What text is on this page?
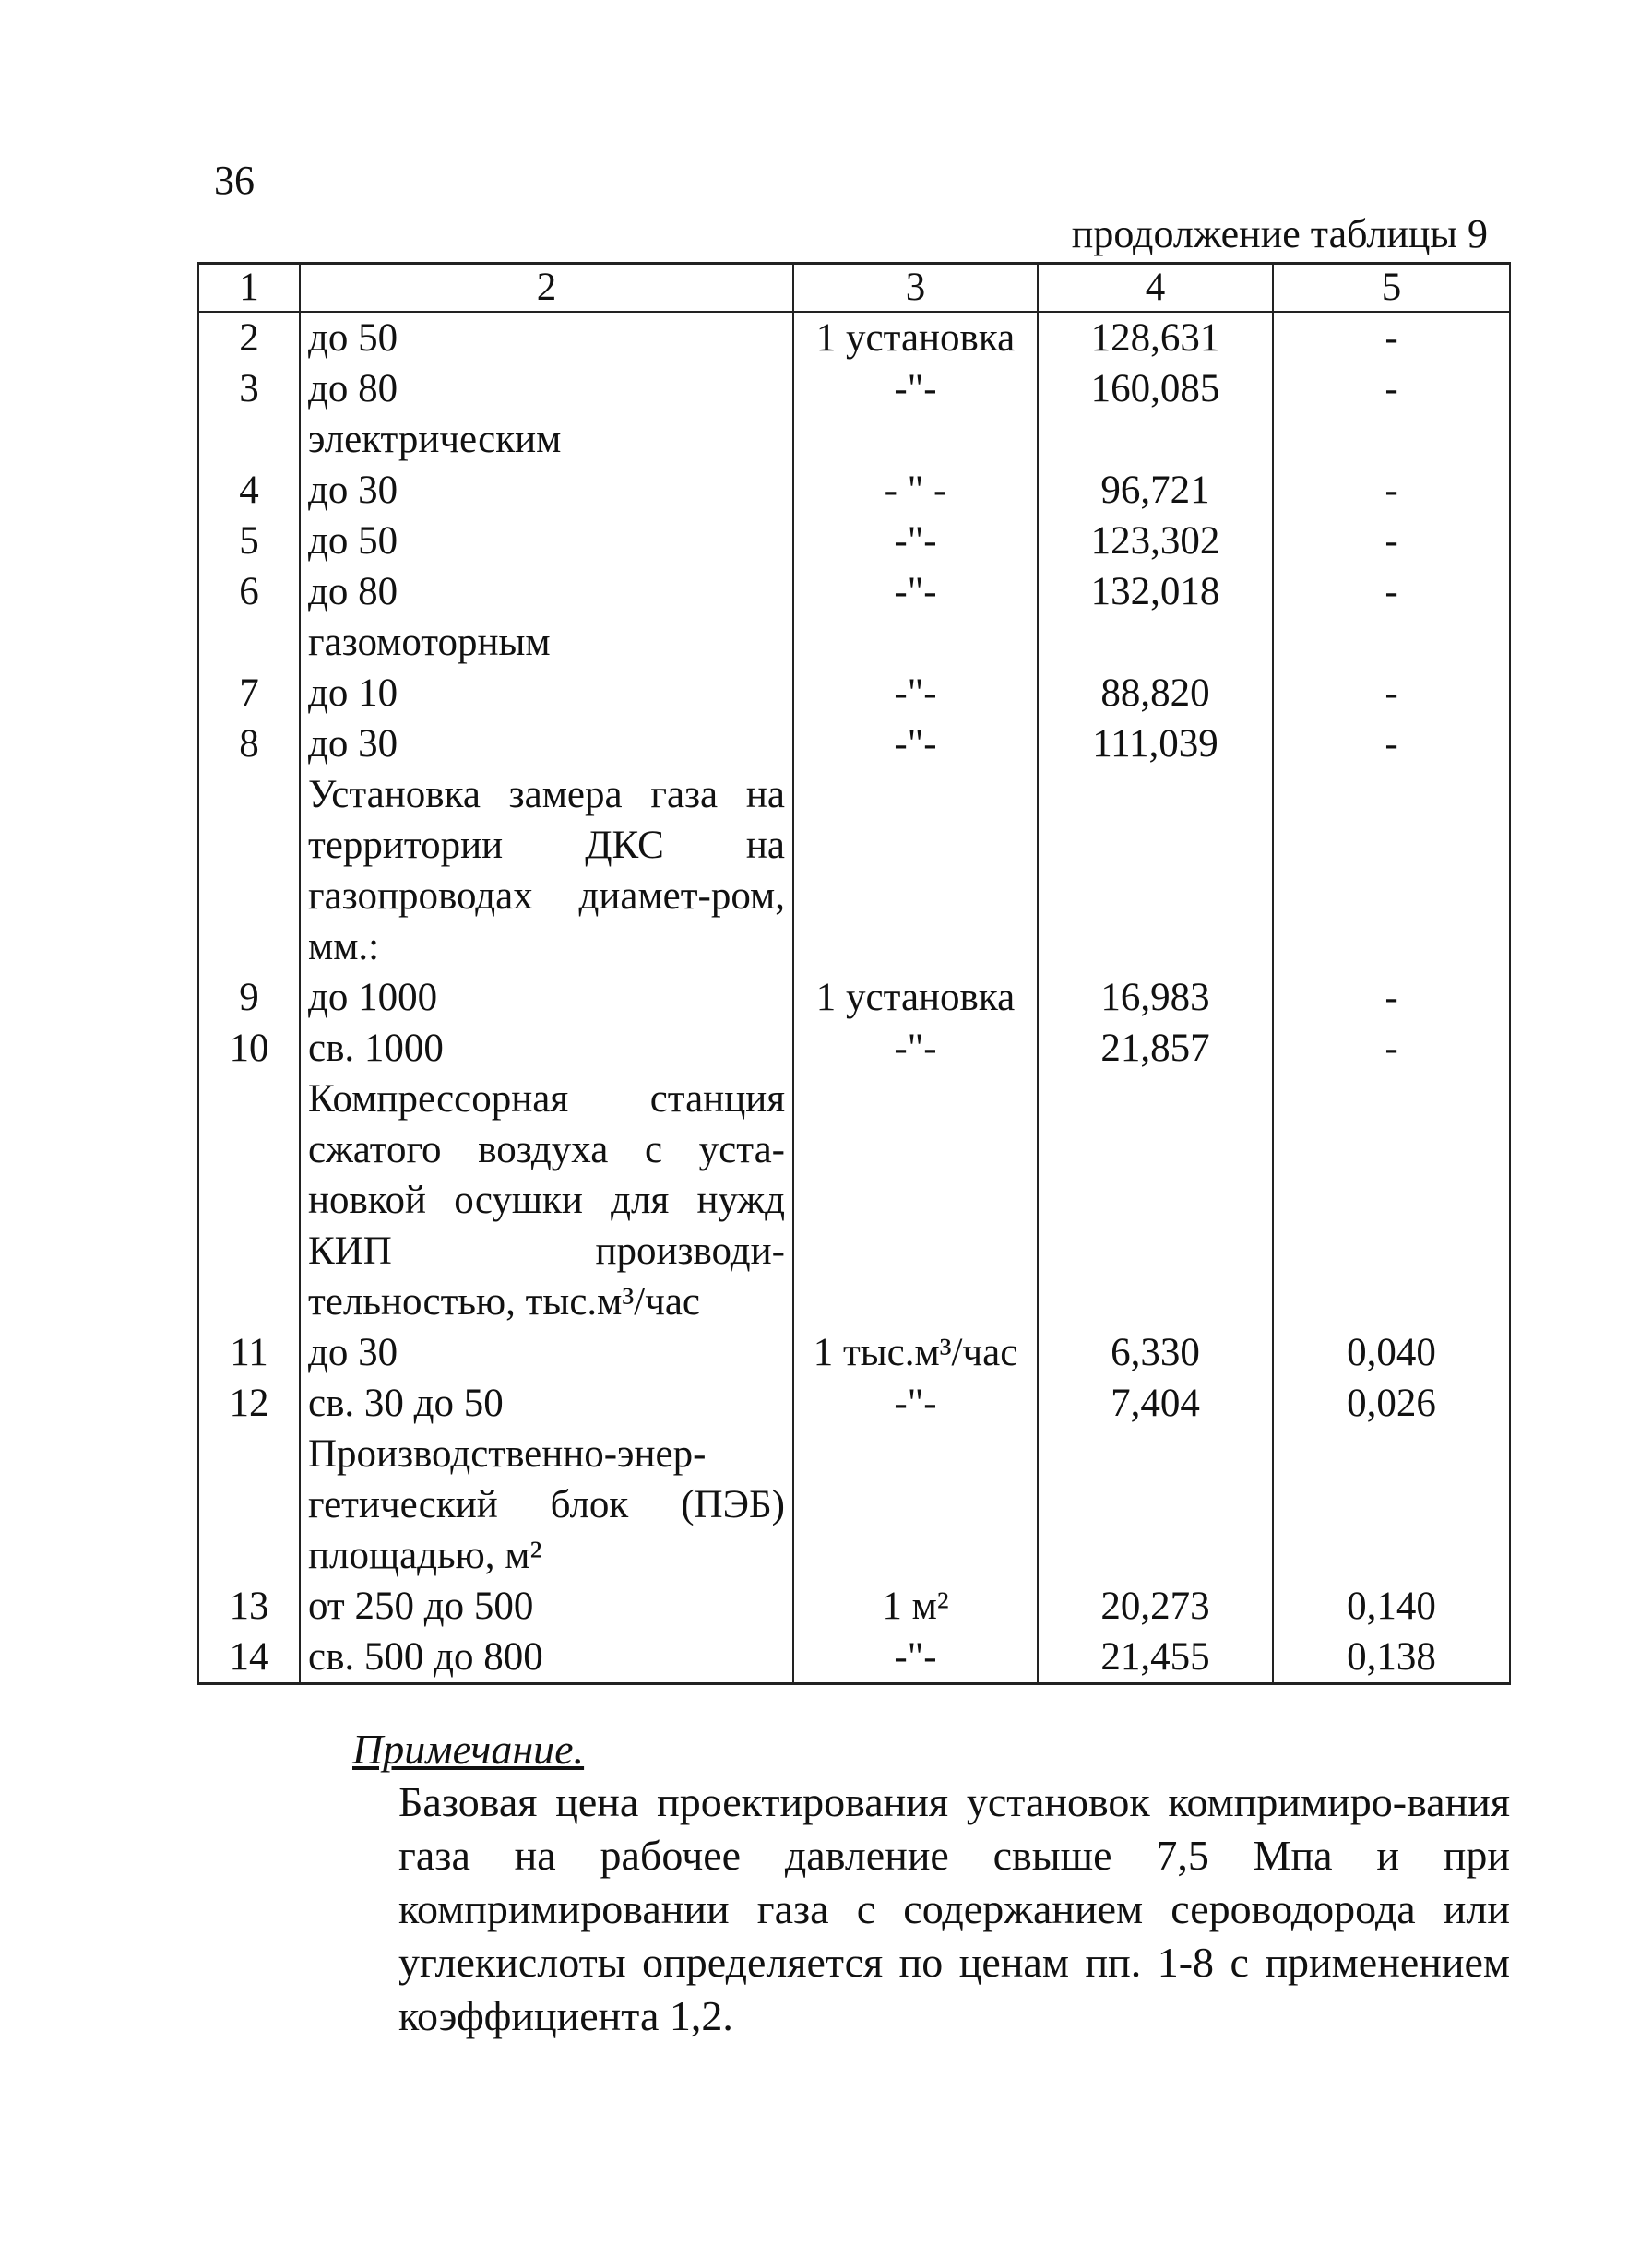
36
продолжение таблицы 9
1	2	3	4	5
2	до 50	1 установка	128,631	-
3	до 80	-"-	160,085	-
	электрическим			
4	до 30	- " -	96,721	-
5	до 50	-"-	123,302	-
6	до 80	-"-	132,018	-
	газомоторным			
7	до 10	-"-	88,820	-
8	до 30	-"-	111,039	-
	Установка замера газа на территории ДКС на газопроводах диамет-ром, мм.:			
9	до 1000	1 установка	16,983	-
10	св. 1000	-"-	21,857	-
	Компрессорная станция сжатого воздуха с уста-новкой осушки для нужд КИП производи-тельностью, тыс.м³/час			
11	до 30	1 тыс.м³/час	6,330	0,040
12	св. 30 до 50	-"-	7,404	0,026
	Производственно-энер-гетический блок (ПЭБ) площадью, м²			
13	от 250 до 500	1 м²	20,273	0,140
14	св. 500 до 800	-"-	21,455	0,138
Примечание.
Базовая цена проектирования установок компримиро-вания газа на рабочее давление свыше 7,5 Мпа и при компримировании газа с содержанием сероводорода или углекислоты определяется по ценам пп. 1-8 с применением коэффициента 1,2.
